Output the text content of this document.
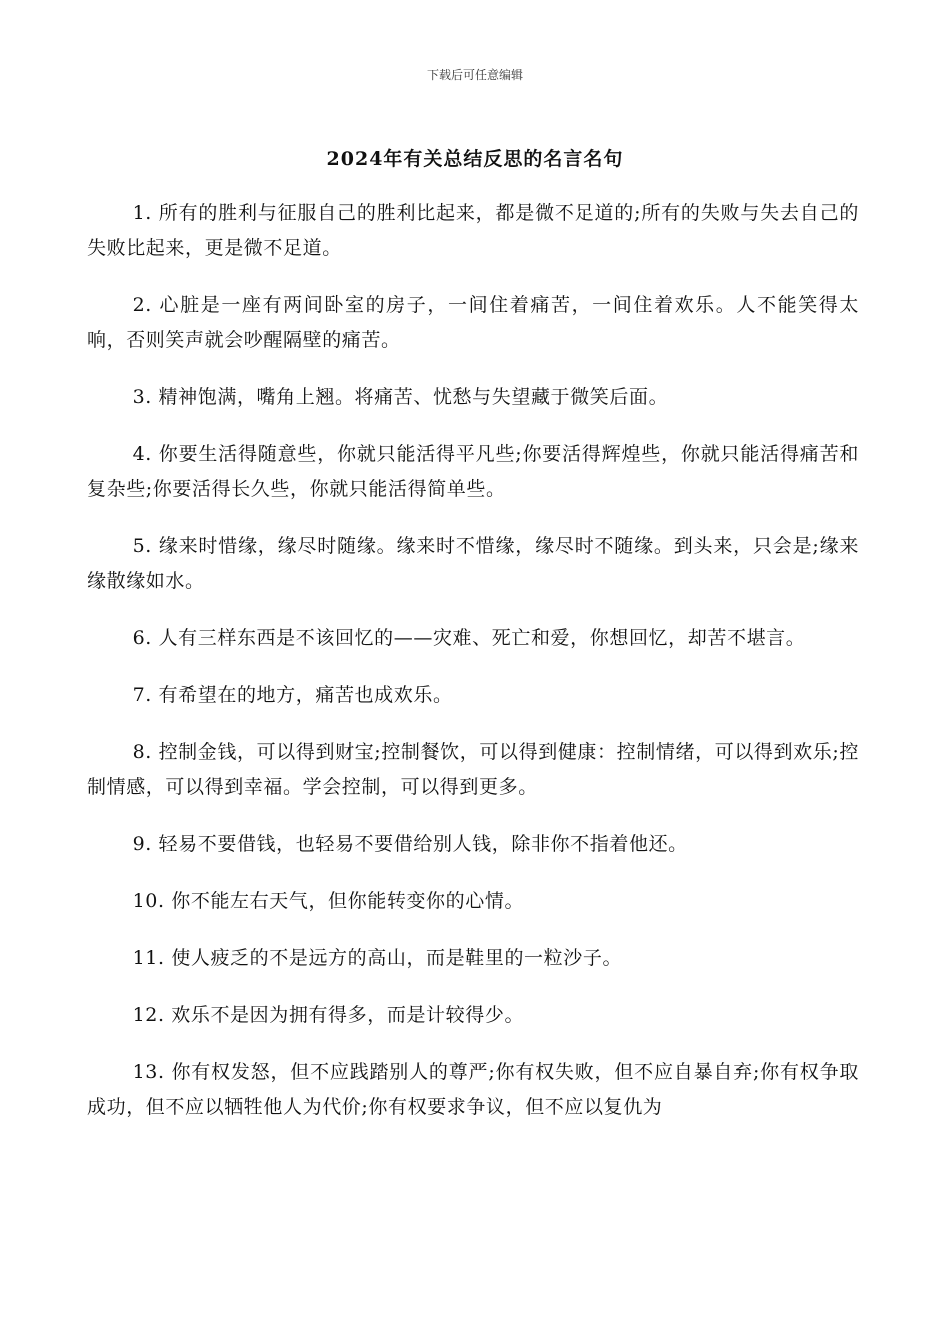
下载后可任意编辑
2024年有关总结反思的名言名句

1. 所有的胜利与征服自己的胜利比起来，都是微不足道的;所有的失败与失去自己的失败比起来，更是微不足道。

2. 心脏是一座有两间卧室的房子，一间住着痛苦，一间住着欢乐。人不能笑得太响，否则笑声就会吵醒隔壁的痛苦。

3. 精神饱满，嘴角上翘。将痛苦、忧愁与失望藏于微笑后面。

4. 你要生活得随意些，你就只能活得平凡些;你要活得辉煌些，你就只能活得痛苦和复杂些;你要活得长久些，你就只能活得简单些。

5. 缘来时惜缘，缘尽时随缘。缘来时不惜缘，缘尽时不随缘。到头来，只会是;缘来缘散缘如水。

6. 人有三样东西是不该回忆的——灾难、死亡和爱，你想回忆，却苦不堪言。

7. 有希望在的地方，痛苦也成欢乐。

8. 控制金钱，可以得到财宝;控制餐饮，可以得到健康：控制情绪，可以得到欢乐;控制情感，可以得到幸福。学会控制，可以得到更多。

9. 轻易不要借钱，也轻易不要借给别人钱，除非你不指着他还。

10. 你不能左右天气，但你能转变你的心情。

11. 使人疲乏的不是远方的高山，而是鞋里的一粒沙子。

12. 欢乐不是因为拥有得多，而是计较得少。

13. 你有权发怒，但不应践踏别人的尊严;你有权失败，但不应自暴自弃;你有权争取成功，但不应以牺牲他人为代价;你有权要求争议，但不应以复仇为
